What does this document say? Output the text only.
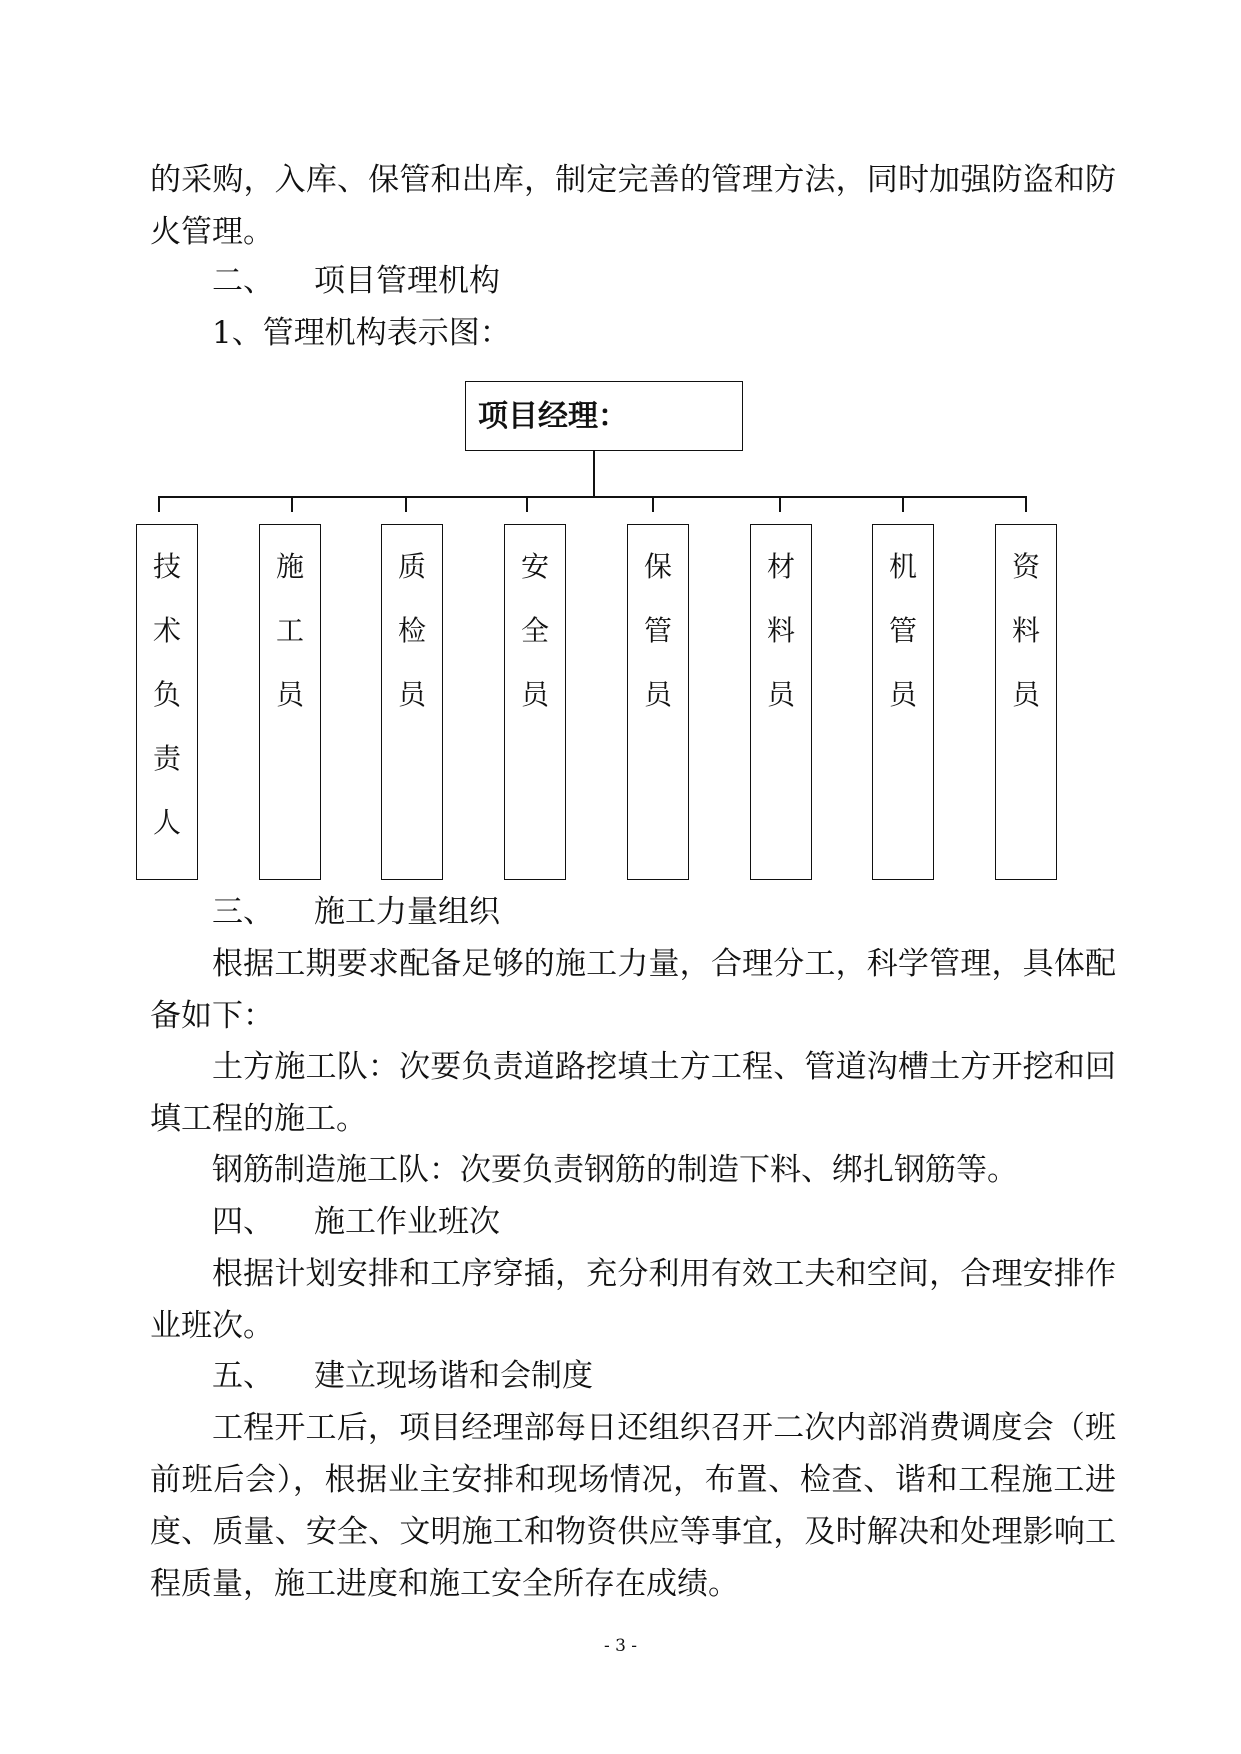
的采购，入库、保管和出库，制定完善的管理方法，同时加强防盗和防火管理。

二、 项目管理机构

1、管理机构表示图：

项目经理：
技
术
负
责
人
施
工
员
质
检
员
安
全
员
保
管
员
材
料
员
机
管
员
资
料
员

三、 施工力量组织

根据工期要求配备足够的施工力量，合理分工，科学管理，具体配备如下：

土方施工队：次要负责道路挖填土方工程、管道沟槽土方开挖和回填工程的施工。

钢筋制造施工队：次要负责钢筋的制造下料、绑扎钢筋等。

四、 施工作业班次

根据计划安排和工序穿插，充分利用有效工夫和空间，合理安排作业班次。

五、 建立现场谐和会制度

工程开工后，项目经理部每日还组织召开二次内部消费调度会（班前班后会），根据业主安排和现场情况，布置、检查、谐和工程施工进度、质量、安全、文明施工和物资供应等事宜，及时解决和处理影响工程质量，施工进度和施工安全所存在成绩。

- 3 -
